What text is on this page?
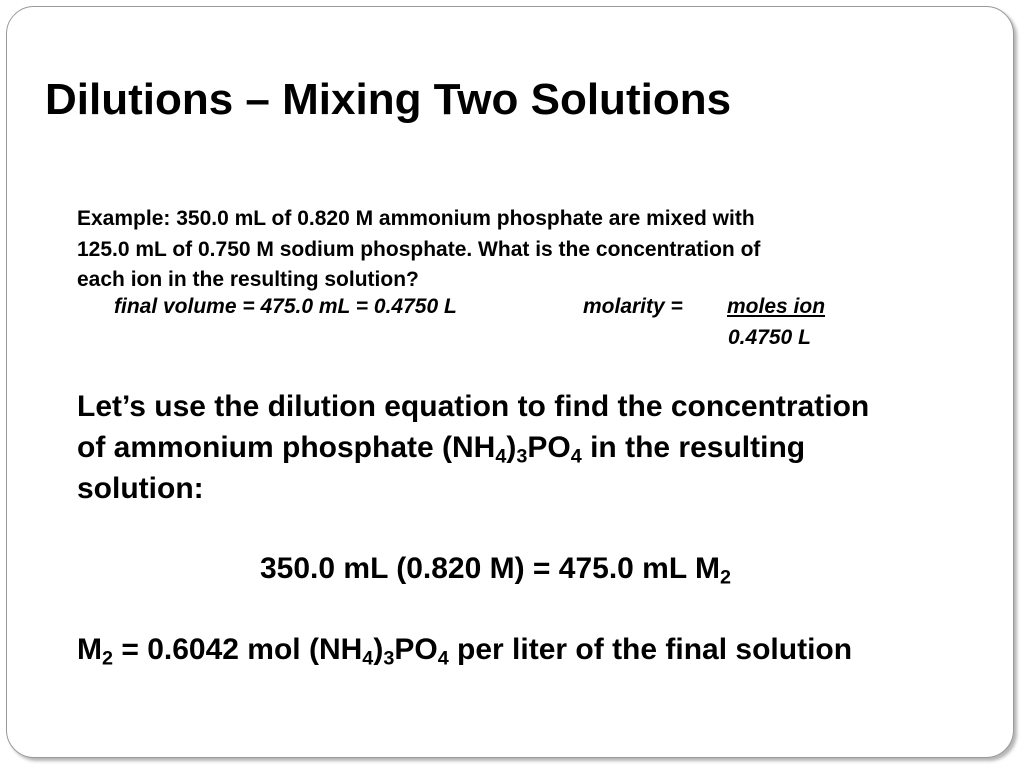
Dilutions – Mixing Two Solutions
Example: 350.0 mL of 0.820 M ammonium phosphate are mixed with
125.0 mL of 0.750 M sodium phosphate. What is the concentration of
each ion in the resulting solution?
final volume = 475.0 mL = 0.4750 L	molarity = moles ion
0.4750 L
Let’s use the dilution equation to find the concentration
of ammonium phosphate $(NH_4)_3PO_4$ in the resulting
solution:
350.0 mL (0.820 M) = 475.0 mL $M_2$
$M_2 = 0.6042$ mol $(NH_4)_3PO_4$ per liter of the final solution
